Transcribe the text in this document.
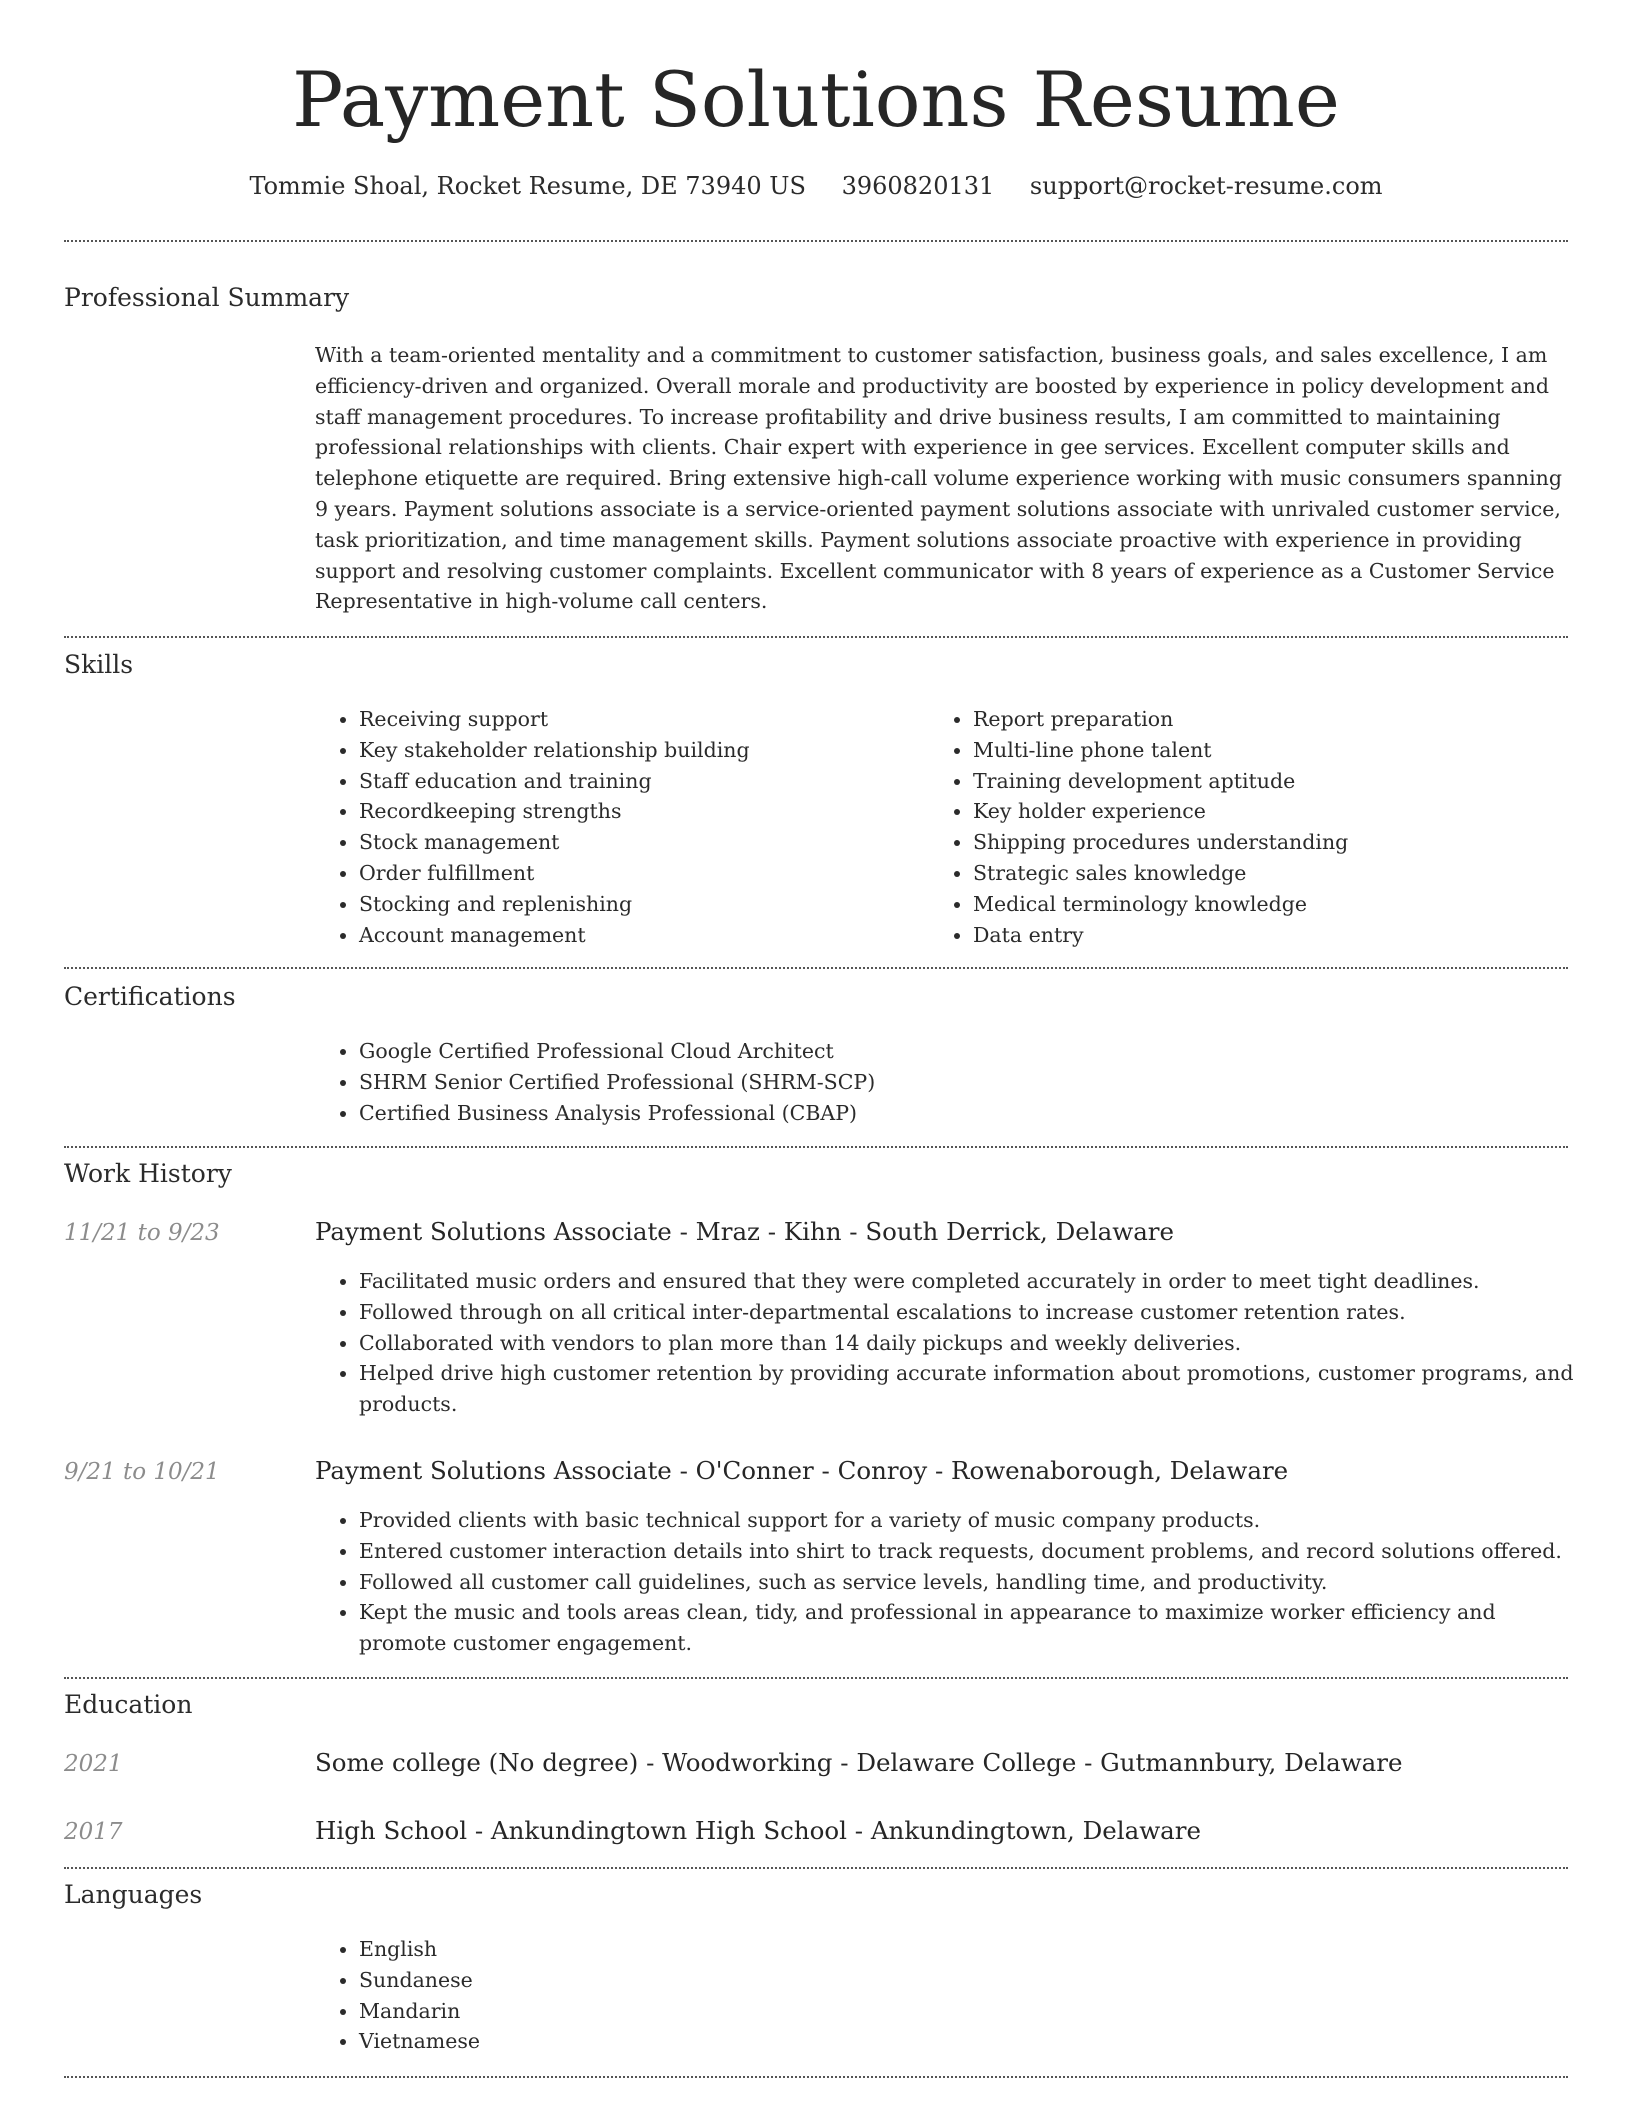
Payment Solutions Resume
Tommie Shoal, Rocket Resume, DE 73940 US 3960820131 support@rocket-resume.com
Professional Summary

With a team-oriented mentality and a commitment to customer satisfaction, business goals, and sales excellence, I am efficiency-driven and organized. Overall morale and productivity are boosted by experience in policy development and staff management procedures. To increase profitability and drive business results, I am committed to maintaining professional relationships with clients. Chair expert with experience in gee services. Excellent computer skills and telephone etiquette are required. Bring extensive high-call volume experience working with music consumers spanning 9 years. Payment solutions associate is a service-oriented payment solutions associate with unrivaled customer service, task prioritization, and time management skills. Payment solutions associate proactive with experience in providing support and resolving customer complaints. Excellent communicator with 8 years of experience as a Customer Service Representative in high-volume call centers.

Skills
• Receiving support
• Key stakeholder relationship building
• Staff education and training
• Recordkeeping strengths
• Stock management
• Order fulfillment
• Stocking and replenishing
• Account management
• Report preparation
• Multi-line phone talent
• Training development aptitude
• Key holder experience
• Shipping procedures understanding
• Strategic sales knowledge
• Medical terminology knowledge
• Data entry
Certifications
• Google Certified Professional Cloud Architect
• SHRM Senior Certified Professional (SHRM-SCP)
• Certified Business Analysis Professional (CBAP)
Work History
11/21 to 9/23	Payment Solutions Associate - Mraz - Kihn - South Derrick, Delaware
• Facilitated music orders and ensured that they were completed accurately in order to meet tight deadlines.
• Followed through on all critical inter-departmental escalations to increase customer retention rates.
• Collaborated with vendors to plan more than 14 daily pickups and weekly deliveries.
• Helped drive high customer retention by providing accurate information about promotions, customer programs, and products.
9/21 to 10/21	Payment Solutions Associate - O'Conner - Conroy - Rowenaborough, Delaware
• Provided clients with basic technical support for a variety of music company products.
• Entered customer interaction details into shirt to track requests, document problems, and record solutions offered.
• Followed all customer call guidelines, such as service levels, handling time, and productivity.
• Kept the music and tools areas clean, tidy, and professional in appearance to maximize worker efficiency and promote customer engagement.
Education
2021	Some college (No degree) - Woodworking - Delaware College - Gutmannbury, Delaware
2017	High School - Ankundingtown High School - Ankundingtown, Delaware
Languages
• English
• Sundanese
• Mandarin
• Vietnamese
